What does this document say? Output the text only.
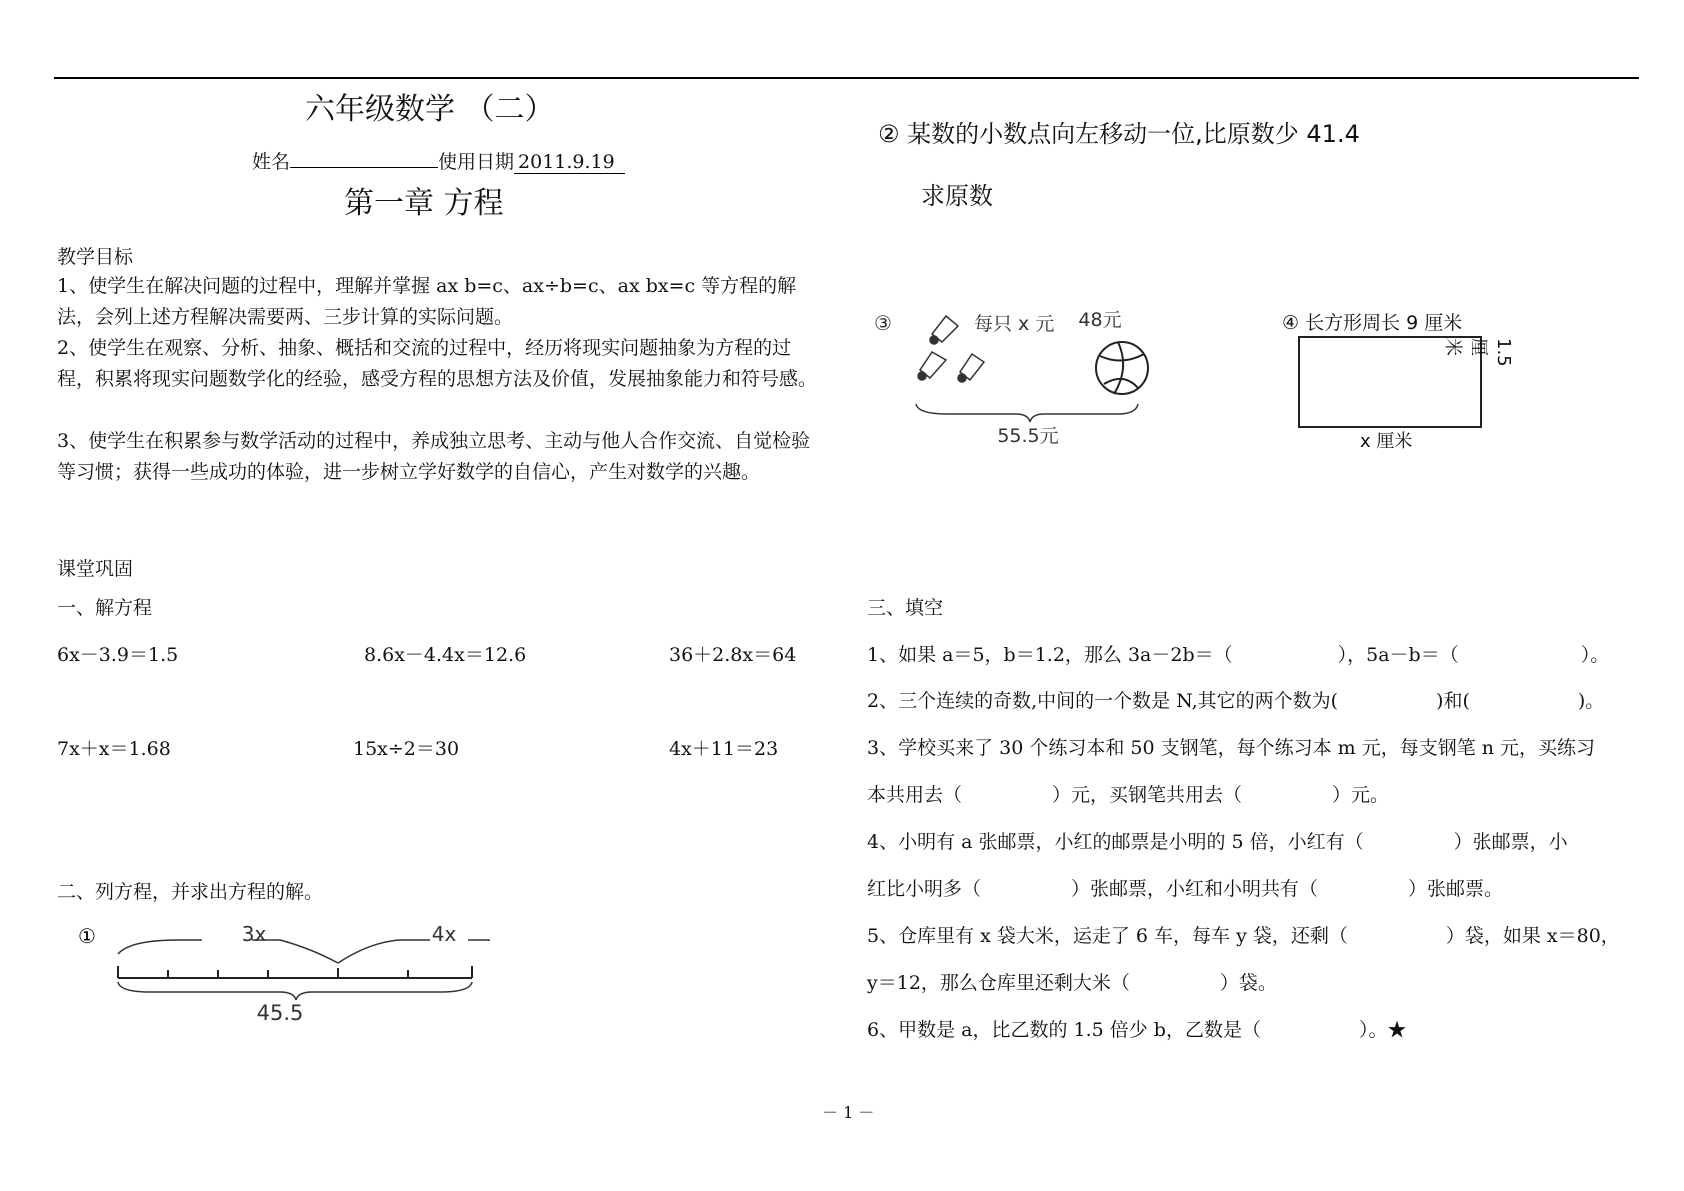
六年级数学 （二）
姓名	使用日期 2011.9.19
第一章 方程
教学目标
1、使学生在解决问题的过程中，理解并掌握 ax b=c、ax÷b=c、ax bx=c 等方程的解法，会列上述方程解决需要两、三步计算的实际问题。
2、使学生在观察、分析、抽象、概括和交流的过程中，经历将现实问题抽象为方程的过程，积累将现实问题数学化的经验，感受方程的思想方法及价值，发展抽象能力和符号感。
3、使学生在积累参与数学活动的过程中，养成独立思考、主动与他人合作交流、自觉检验等习惯；获得一些成功的体验，进一步树立学好数学的自信心，产生对数学的兴趣。
课堂巩固
一、解方程
6x－3.9＝1.5	8.6x－4.4x＝12.6	36＋2.8x＝64
7x＋x＝1.68	15x÷2＝30	4x＋11＝23
二、列方程，并求出方程的解。
①	3x	4x
45.5
② 某数的小数点向左移动一位,比原数少 41.4
求原数
③	每只 x 元 48元
55.5元
④ 长方形周长 9 厘米
1.5厘米
x 厘米
三、填空
1、如果 a＝5，b＝1.2，那么 3a－2b＝（	），5a－b＝（	）。
2、三个连续的奇数,中间的一个数是 N,其它的两个数为(	)和(	)。
3、学校买来了 30 个练习本和 50 支钢笔，每个练习本 m 元，每支钢笔 n 元，买练习
本共用去（	）元，买钢笔共用去（	）元。
4、小明有 a 张邮票，小红的邮票是小明的 5 倍，小红有（	）张邮票，小
红比小明多（	）张邮票，小红和小明共有（	）张邮票。
5、仓库里有 x 袋大米，运走了 6 车，每车 y 袋，还剩（	）袋，如果 x＝80，
y＝12，那么仓库里还剩大米（	）袋。
6、甲数是 a，比乙数的 1.5 倍少 b，乙数是（	）。★
－ 1 －
